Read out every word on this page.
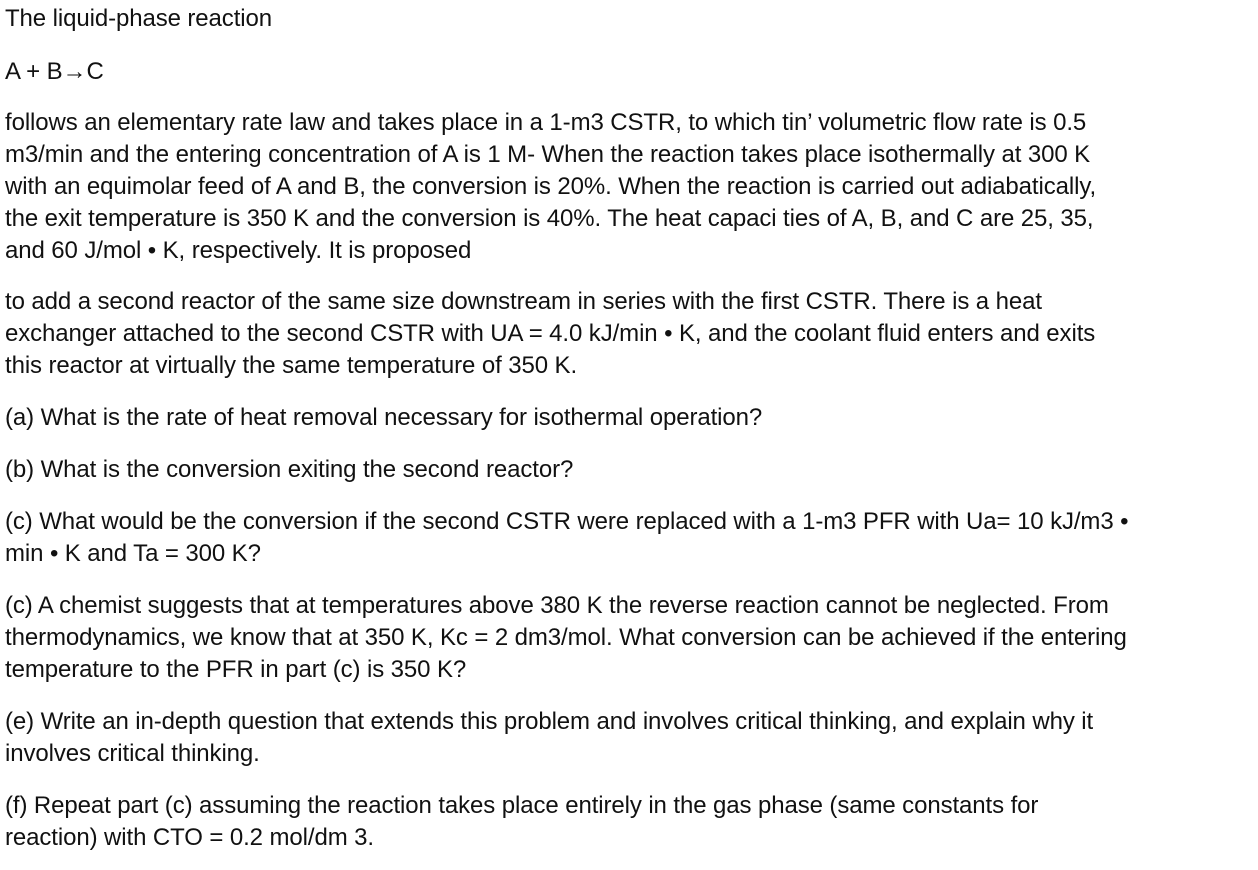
The liquid-phase reaction
A + B→C
follows an elementary rate law and takes place in a 1-m3 CSTR, to which tin’ volumetric flow rate is 0.5
m3/min and the entering concentration of A is 1 M- When the reaction takes place isothermally at 300 K
with an equimolar feed of A and B, the conversion is 20%. When the reaction is carried out adiabatically,
the exit temperature is 350 K and the conversion is 40%. The heat capaci ties of A, B, and C are 25, 35,
and 60 J/mol • K, respectively. It is proposed
to add a second reactor of the same size downstream in series with the first CSTR. There is a heat
exchanger attached to the second CSTR with UA = 4.0 kJ/min • K, and the coolant fluid enters and exits
this reactor at virtually the same temperature of 350 K.
(a) What is the rate of heat removal necessary for isothermal operation?
(b) What is the conversion exiting the second reactor?
(c) What would be the conversion if the second CSTR were replaced with a 1-m3 PFR with Ua= 10 kJ/m3 •
min • K and Ta = 300 K?
(c) A chemist suggests that at temperatures above 380 K the reverse reaction cannot be neglected. From
thermodynamics, we know that at 350 K, Kc = 2 dm3/mol. What conversion can be achieved if the entering
temperature to the PFR in part (c) is 350 K?
(e) Write an in-depth question that extends this problem and involves critical thinking, and explain why it
involves critical thinking.
(f) Repeat part (c) assuming the reaction takes place entirely in the gas phase (same constants for
reaction) with CTO = 0.2 mol/dm 3.
